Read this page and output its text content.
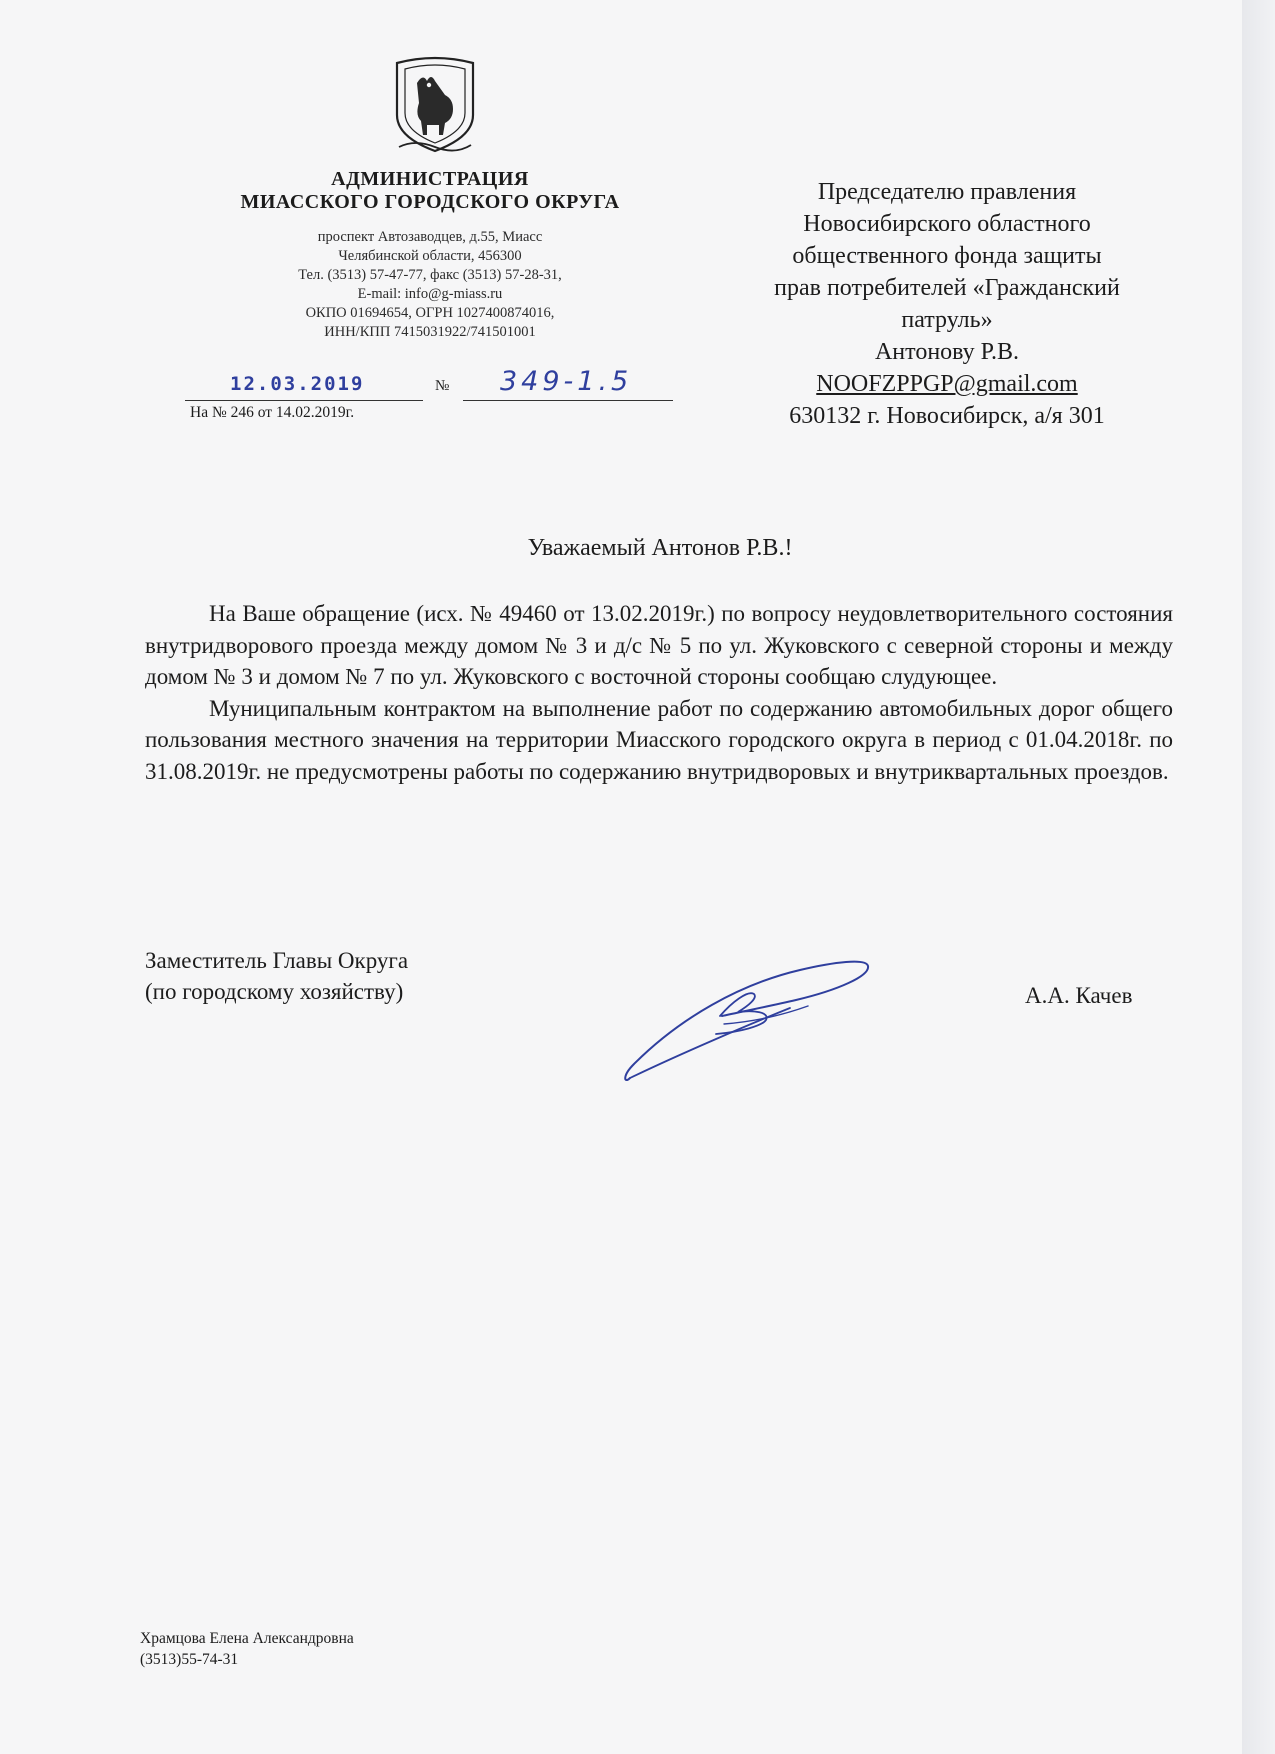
АДМИНИСТРАЦИЯ
МИАССКОГО ГОРОДСКОГО ОКРУГА
проспект Автозаводцев, д.55, Миасс
Челябинской области, 456300
Тел. (3513) 57-47-77, факс (3513) 57-28-31,
E-mail: info@g-miass.ru
ОКПО 01694654, ОГРН 1027400874016,
ИНН/КПП 7415031922/741501001
12.03.2019	№ 349-1.5
На № 246 от 14.02.2019г.
Председателю правления
Новосибирского областного
общественного фонда защиты
прав потребителей «Гражданский
патруль»
Антонову Р.В.
NOOFZPPGP@gmail.com
630132 г. Новосибирск, а/я 301
Уважаемый Антонов Р.В.!

На Ваше обращение (исх. № 49460 от 13.02.2019г.) по вопросу неудовлетворительного состояния внутридворового проезда между домом № 3 и д/с № 5 по ул. Жуковского с северной стороны и между домом № 3 и домом № 7 по ул. Жуковского с восточной стороны сообщаю слудующее.

Муниципальным контрактом на выполнение работ по содержанию автомобильных дорог общего пользования местного значения на территории Миасского городского округа в период с 01.04.2018г. по 31.08.2019г. не предусмотрены работы по содержанию внутридворовых и внутриквартальных проездов.

Заместитель Главы Округа
(по городскому хозяйству)	А.А. Качев
Храмцова Елена Александровна
(3513)55-74-31
